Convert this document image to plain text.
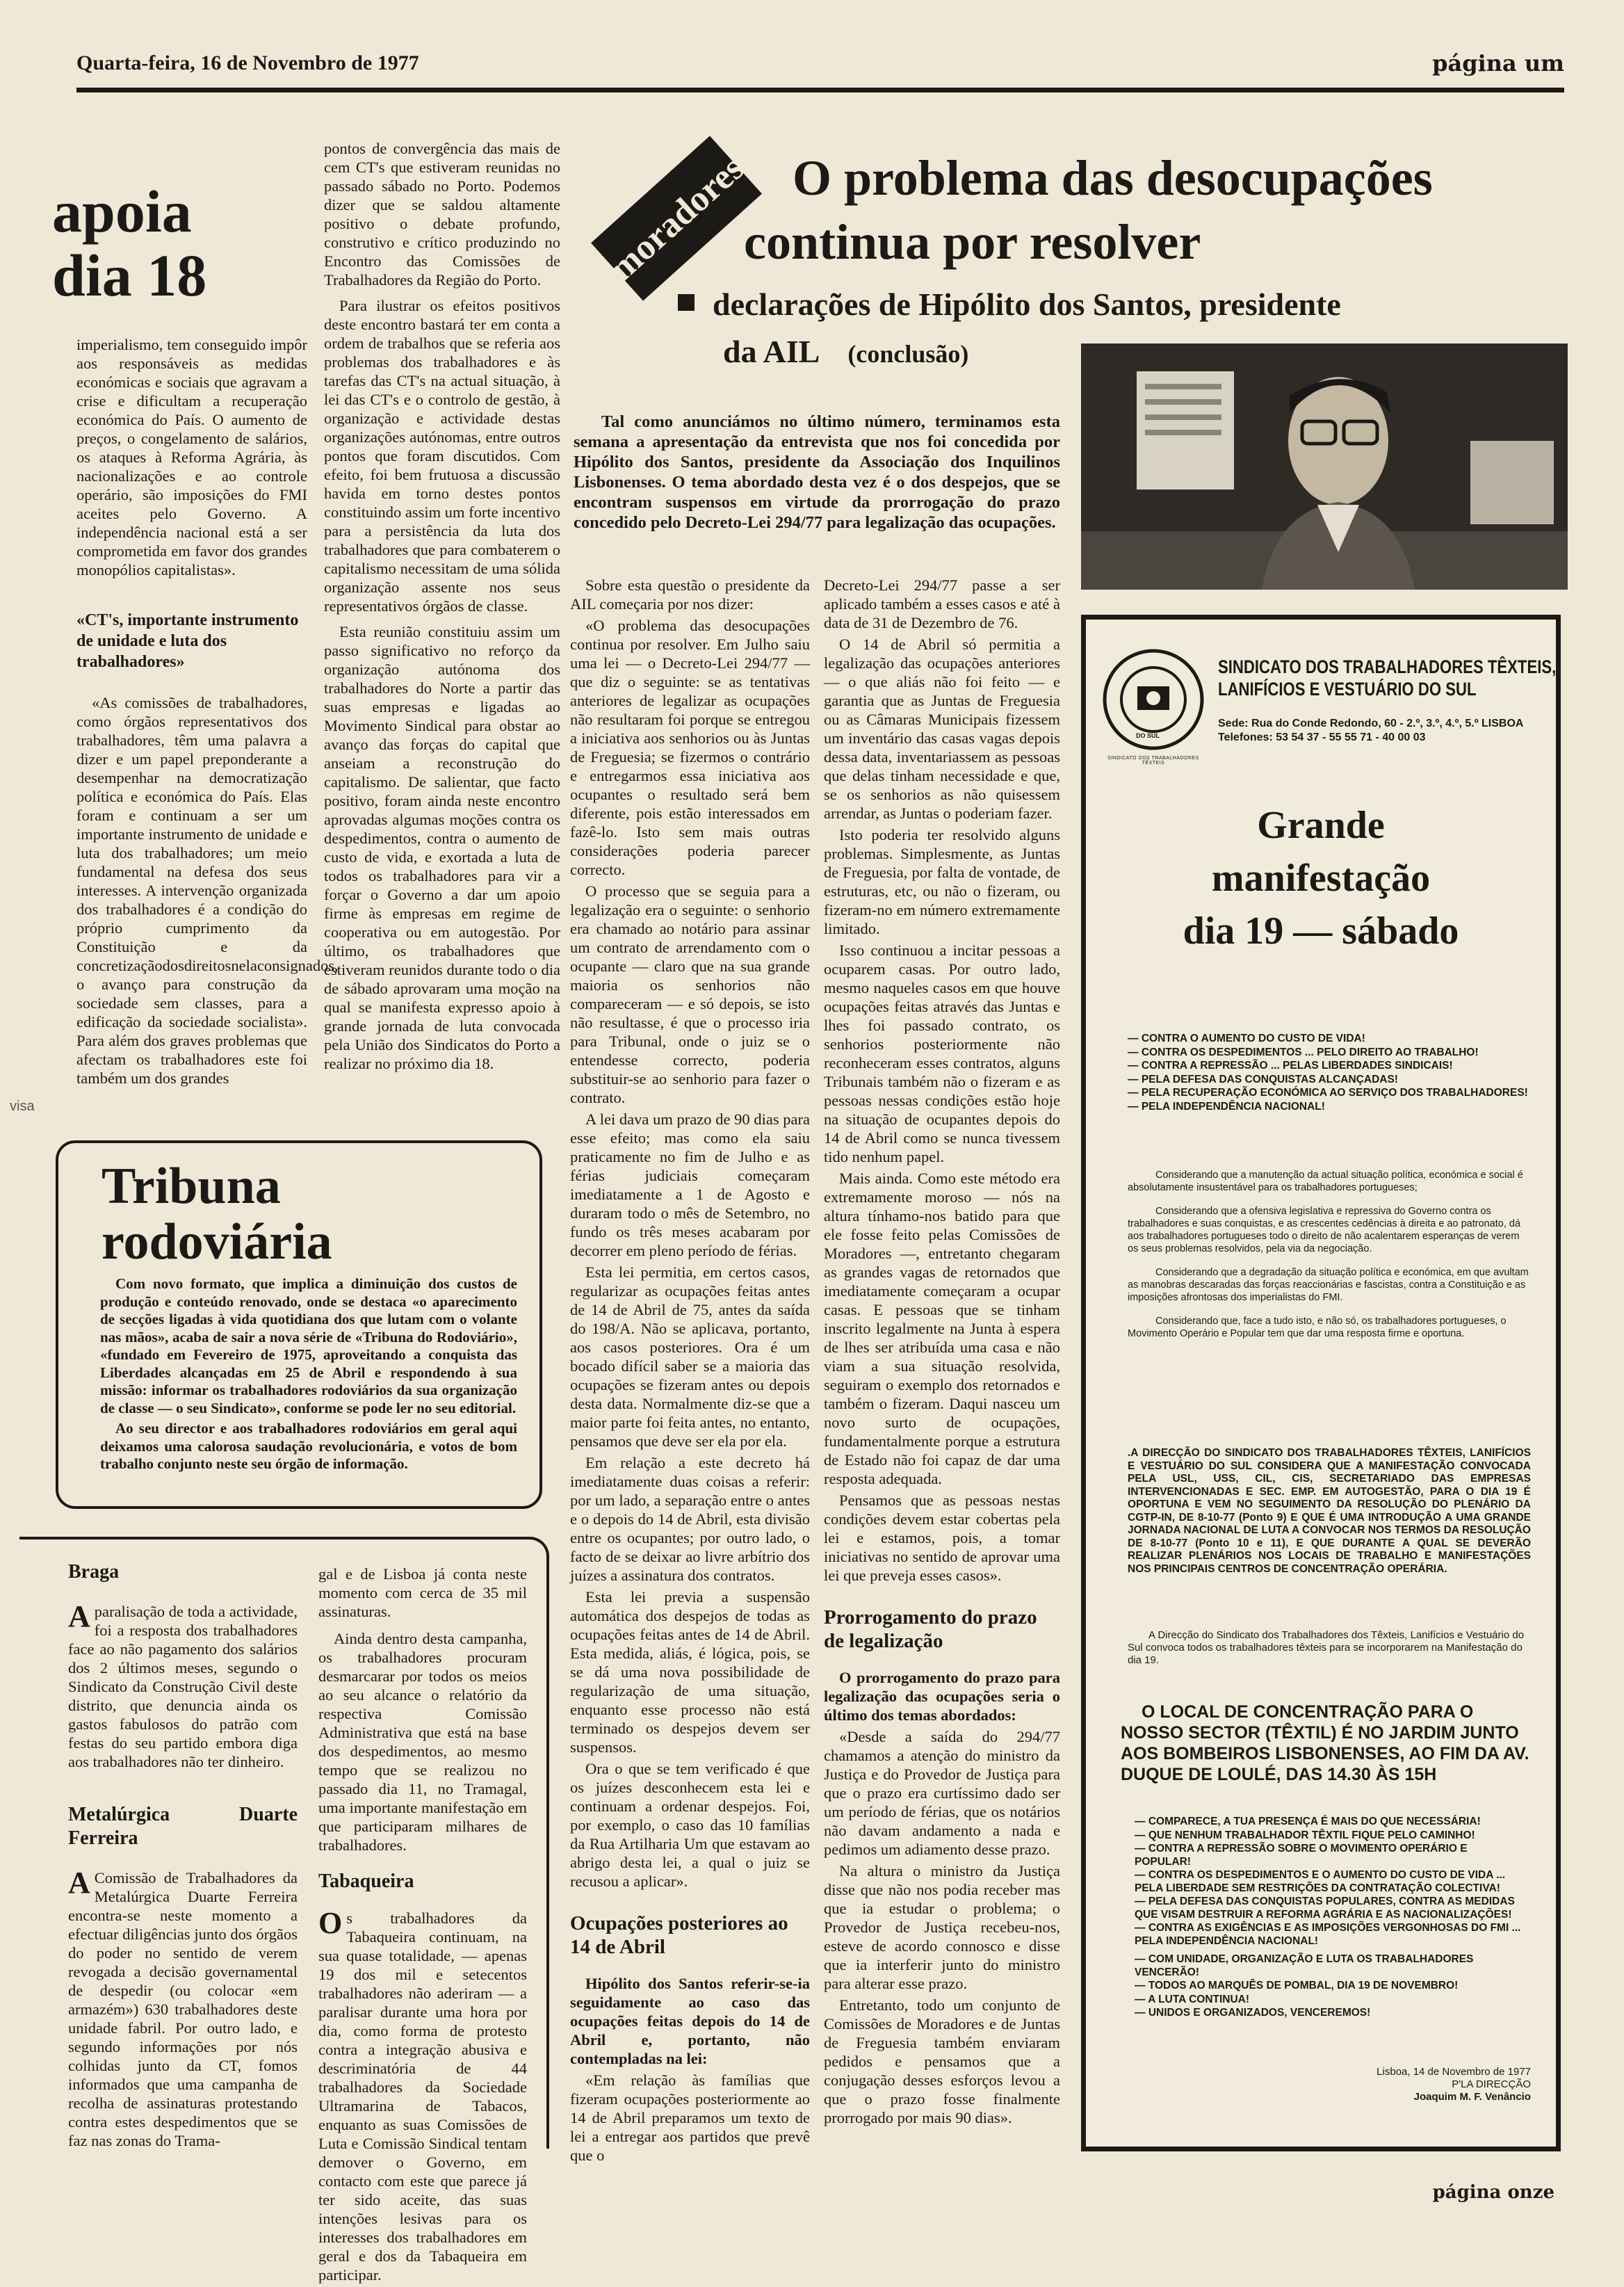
Quarta-feira, 16 de Novembro de 1977	página um
apoia
dia 18

imperialismo, tem conseguido impôr aos responsáveis as medidas económicas e sociais que agravam a crise e dificultam a recuperação económica do País. O aumento de preços, o congelamento de salários, os ataques à Reforma Agrária, às nacionalizações e ao controle operário, são imposições do FMI aceites pelo Governo. A independência nacional está a ser comprometida em favor dos grandes monopólios capitalistas».

«CT's, importante instrumento de unidade e luta dos trabalhadores»

«As comissões de trabalhadores, como órgãos representativos dos trabalhadores, têm uma palavra a dizer e um papel preponderante a desempenhar na democratização política e económica do País. Elas foram e continuam a ser um importante instrumento de unidade e luta dos trabalhadores; um meio fundamental na defesa dos seus interesses. A intervenção organizada dos trabalhadores é a condição do próprio cumprimento da Constituição e da concretizaçãodosdireitosnelaconsignados, o avanço para construção da sociedade sem classes, para a edificação da sociedade socialista». Para além dos graves problemas que afectam os trabalhadores este foi também um dos grandes

pontos de convergência das mais de cem CT's que estiveram reunidas no passado sábado no Porto. Podemos dizer que se saldou altamente positivo o debate profundo, construtivo e crítico produzindo no Encontro das Comissões de Trabalhadores da Região do Porto.

Para ilustrar os efeitos positivos deste encontro bastará ter em conta a ordem de trabalhos que se referia aos problemas dos trabalhadores e às tarefas das CT's na actual situação, à lei das CT's e o controlo de gestão, à organização e actividade destas organizações autónomas, entre outros pontos que foram discutidos. Com efeito, foi bem frutuosa a discussão havida em torno destes pontos constituindo assim um forte incentivo para a persistência da luta dos trabalhadores que para combaterem o capitalismo necessitam de uma sólida organização assente nos seus representativos órgãos de classe.

Esta reunião constituiu assim um passo significativo no reforço da organização autónoma dos trabalhadores do Norte a partir das suas empresas e ligadas ao Movimento Sindical para obstar ao avanço das forças do capital que anseiam a reconstrução do capitalismo. De salientar, que facto positivo, foram ainda neste encontro aprovadas algumas moções contra os despedimentos, contra o aumento de custo de vida, e exortada a luta de todos os trabalhadores para vir a forçar o Governo a dar um apoio firme às empresas em regime de cooperativa ou em autogestão. Por último, os trabalhadores que estiveram reunidos durante todo o dia de sábado aprovaram uma moção na qual se manifesta expresso apoio à grande jornada de luta convocada pela União dos Sindicatos do Porto a realizar no próximo dia 18.

visa
Tribuna
rodoviária

Com novo formato, que implica a diminuição dos custos de produção e conteúdo renovado, onde se destaca «o aparecimento de secções ligadas à vida quotidiana dos que lutam com o volante nas mãos», acaba de sair a nova série de «Tribuna do Rodoviário», «fundado em Fevereiro de 1975, aproveitando a conquista das Liberdades alcançadas em 25 de Abril e respondendo à sua missão: informar os trabalhadores rodoviários da sua organização de classe — o seu Sindicato», conforme se pode ler no seu editorial.

Ao seu director e aos trabalhadores rodoviários em geral aqui deixamos uma calorosa saudação revolucionária, e votos de bom trabalho conjunto neste seu órgão de informação.

Braga

Aparalisação de toda a actividade, foi a resposta dos trabalhadores face ao não pagamento dos salários dos 2 últimos meses, segundo o Sindicato da Construção Civil deste distrito, que denuncia ainda os gastos fabulosos do patrão com festas do seu partido embora diga aos trabalhadores não ter dinheiro.

Metalúrgica Duarte Ferreira

A Comissão de Trabalhadores da Metalúrgica Duarte Ferreira encontra-se neste momento a efectuar diligências junto dos órgãos do poder no sentido de verem revogada a decisão governamental de despedir (ou colocar «em armazém») 630 trabalhadores deste unidade fabril. Por outro lado, e segundo informações por nós colhidas junto da CT, fomos informados que uma campanha de recolha de assinaturas protestando contra estes despedimentos que se faz nas zonas do Trama-

gal e de Lisboa já conta neste momento com cerca de 35 mil assinaturas.

Ainda dentro desta campanha, os trabalhadores procuram desmarcarar por todos os meios ao seu alcance o relatório da respectiva Comissão Administrativa que está na base dos despedimentos, ao mesmo tempo que se realizou no passado dia 11, no Tramagal, uma importante manifestação em que participaram milhares de trabalhadores.

Tabaqueira

Os trabalhadores da Tabaqueira continuam, na sua quase totalidade, — apenas 19 dos mil e setecentos trabalhadores não aderiram — a paralisar durante uma hora por dia, como forma de protesto contra a integração abusiva e descriminatória de 44 trabalhadores da Sociedade Ultramarina de Tabacos, enquanto as suas Comissões de Luta e Comissão Sindical tentam demover o Governo, em contacto com este que parece já ter sido aceite, das suas intenções lesivas para os interesses dos trabalhadores em geral e dos da Tabaqueira em participar.

moradores O problema das desocupações
continua por resolver
declarações de Hipólito dos Santos, presidente
da AIL (conclusão)
Tal como anunciámos no último número, terminamos esta semana a apresentação da entrevista que nos foi concedida por Hipólito dos Santos, presidente da Associação dos Inquilinos Lisbonenses. O tema abordado desta vez é o dos despejos, que se encontram suspensos em virtude da prorrogação do prazo concedido pelo Decreto-Lei 294/77 para legalização das ocupações.

Sobre esta questão o presidente da AIL começaria por nos dizer:

«O problema das desocupações continua por resolver. Em Julho saiu uma lei — o Decreto-Lei 294/77 — que diz o seguinte: se as tentativas anteriores de legalizar as ocupações não resultaram foi porque se entregou a iniciativa aos senhorios ou às Juntas de Freguesia; se fizermos o contrário e entregarmos essa iniciativa aos ocupantes o resultado será bem diferente, pois estão interessados em fazê-lo. Isto sem mais outras considerações poderia parecer correcto.

O processo que se seguia para a legalização era o seguinte: o senhorio era chamado ao notário para assinar um contrato de arrendamento com o ocupante — claro que na sua grande maioria os senhorios não compareceram — e só depois, se isto não resultasse, é que o processo iria para Tribunal, onde o juiz se o entendesse correcto, poderia substituir-se ao senhorio para fazer o contrato.

A lei dava um prazo de 90 dias para esse efeito; mas como ela saiu praticamente no fim de Julho e as férias judiciais começaram imediatamente a 1 de Agosto e duraram todo o mês de Setembro, no fundo os três meses acabaram por decorrer em pleno período de férias.

Esta lei permitia, em certos casos, regularizar as ocupações feitas antes de 14 de Abril de 75, antes da saída do 198/A. Não se aplicava, portanto, aos casos posteriores. Ora é um bocado difícil saber se a maioria das ocupações se fizeram antes ou depois desta data. Normalmente diz-se que a maior parte foi feita antes, no entanto, pensamos que deve ser ela por ela.

Em relação a este decreto há imediatamente duas coisas a referir: por um lado, a separação entre o antes e o depois do 14 de Abril, esta divisão entre os ocupantes; por outro lado, o facto de se deixar ao livre arbítrio dos juízes a assinatura dos contratos.

Esta lei previa a suspensão automática dos despejos de todas as ocupações feitas antes de 14 de Abril. Esta medida, aliás, é lógica, pois, se se dá uma nova possibilidade de regularização de uma situação, enquanto esse processo não está terminado os despejos devem ser suspensos.

Ora o que se tem verificado é que os juízes desconhecem esta lei e continuam a ordenar despejos. Foi, por exemplo, o caso das 10 famílias da Rua Artilharia Um que estavam ao abrigo desta lei, a qual o juiz se recusou a aplicar».

Ocupações posteriores ao 14 de Abril

Hipólito dos Santos referir-se-ia seguidamente ao caso das ocupações feitas depois do 14 de Abril e, portanto, não contempladas na lei:

«Em relação às famílias que fizeram ocupações posteriormente ao 14 de Abril preparamos um texto de lei a entregar aos partidos que prevê que o

Decreto-Lei 294/77 passe a ser aplicado também a esses casos e até à data de 31 de Dezembro de 76.

O 14 de Abril só permitia a legalização das ocupações anteriores — o que aliás não foi feito — e garantia que as Juntas de Freguesia ou as Câmaras Municipais fizessem um inventário das casas vagas depois dessa data, inventariassem as pessoas que delas tinham necessidade e que, se os senhorios as não quisessem arrendar, as Juntas o poderiam fazer.

Isto poderia ter resolvido alguns problemas. Simplesmente, as Juntas de Freguesia, por falta de vontade, de estruturas, etc, ou não o fizeram, ou fizeram-no em número extremamente limitado.

Isso continuou a incitar pessoas a ocuparem casas. Por outro lado, mesmo naqueles casos em que houve ocupações feitas através das Juntas e lhes foi passado contrato, os senhorios posteriormente não reconheceram esses contratos, alguns Tribunais também não o fizeram e as pessoas nessas condições estão hoje na situação de ocupantes depois do 14 de Abril como se nunca tivessem tido nenhum papel.

Mais ainda. Como este método era extremamente moroso — nós na altura tínhamo-nos batido para que ele fosse feito pelas Comissões de Moradores —, entretanto chegaram as grandes vagas de retornados que imediatamente começaram a ocupar casas. E pessoas que se tinham inscrito legalmente na Junta à espera de lhes ser atribuída uma casa e não viam a sua situação resolvida, seguiram o exemplo dos retornados e também o fizeram. Daqui nasceu um novo surto de ocupações, fundamentalmente porque a estrutura de Estado não foi capaz de dar uma resposta adequada.

Pensamos que as pessoas nestas condições devem estar cobertas pela lei e estamos, pois, a tomar iniciativas no sentido de aprovar uma lei que preveja esses casos».

Prorrogamento do prazo de legalização

O prorrogamento do prazo para legalização das ocupações seria o último dos temas abordados:

«Desde a saída do 294/77 chamamos a atenção do ministro da Justiça e do Provedor de Justiça para que o prazo era curtíssimo dado ser um período de férias, que os notários não davam andamento a nada e pedimos um adiamento desse prazo.

Na altura o ministro da Justiça disse que não nos podia receber mas que ia estudar o problema; o Provedor de Justiça recebeu-nos, esteve de acordo connosco e disse que ia interferir junto do ministro para alterar esse prazo.

Entretanto, todo um conjunto de Comissões de Moradores e de Juntas de Freguesia também enviaram pedidos e pensamos que a conjugação desses esforços levou a que o prazo fosse finalmente prorrogado por mais 90 dias».

DO SUL
SINDICATO DOS TRABALHADORES TÊXTEIS
SINDICATO DOS TRABALHADORES TÊXTEIS,
LANIFÍCIOS E VESTUÁRIO DO SUL
Sede: Rua do Conde Redondo, 60 - 2.º, 3.º, 4.º, 5.º LISBOA
Telefones: 53 54 37 - 55 55 71 - 40 00 03
Grande
manifestação
dia 19 — sábado
— CONTRA O AUMENTO DO CUSTO DE VIDA!
— CONTRA OS DESPEDIMENTOS ... PELO DIREITO AO TRABALHO!
— CONTRA A REPRESSÃO ... PELAS LIBERDADES SINDICAIS!
— PELA DEFESA DAS CONQUISTAS ALCANÇADAS!
— PELA RECUPERAÇÃO ECONÓMICA AO SERVIÇO DOS TRABALHADORES!
— PELA INDEPENDÊNCIA NACIONAL!

Considerando que a manutenção da actual situação política, económica e social é absolutamente insustentável para os trabalhadores portugueses;

Considerando que a ofensiva legislativa e repressiva do Governo contra os trabalhadores e suas conquistas, e as crescentes cedências à direita e ao patronato, dá aos trabalhadores portugueses todo o direito de não acalentarem esperanças de verem os seus problemas resolvidos, pela via da negociação.

Considerando que a degradação da situação política e económica, em que avultam as manobras descaradas das forças reaccionárias e fascistas, contra a Constituição e as imposições afrontosas dos imperialistas do FMI.

Considerando que, face a tudo isto, e não só, os trabalhadores portugueses, o Movimento Operário e Popular tem que dar uma resposta firme e oportuna.

.A DIRECÇÃO DO SINDICATO DOS TRABALHADORES TÊXTEIS, LANIFÍCIOS E VESTUÁRIO DO SUL CONSIDERA QUE A MANIFESTAÇÃO CONVOCADA PELA USL, USS, CIL, CIS, SECRETARIADO DAS EMPRESAS INTERVENCIONADAS E SEC. EMP. EM AUTOGESTÃO, PARA O DIA 19 É OPORTUNA E VEM NO SEGUIMENTO DA RESOLUÇÃO DO PLENÁRIO DA CGTP-IN, DE 8-10-77 (Ponto 9) E QUE É UMA INTRODUÇÃO A UMA GRANDE JORNADA NACIONAL DE LUTA A CONVOCAR NOS TERMOS DA RESOLUÇÃO DE 8-10-77 (Ponto 10 e 11), E QUE DURANTE A QUAL SE DEVERÃO REALIZAR PLENÁRIOS NOS LOCAIS DE TRABALHO E MANIFESTAÇÕES NOS PRINCIPAIS CENTROS DE CONCENTRAÇÃO OPERÁRIA.
A Direcção do Sindicato dos Trabalhadores dos Têxteis, Lanifícios e Vestuário do Sul convoca todos os trabalhadores têxteis para se incorporarem na Manifestação do dia 19.
O LOCAL DE CONCENTRAÇÃO PARA O NOSSO SECTOR (TÊXTIL) É NO JARDIM JUNTO AOS BOMBEIROS LISBONENSES, AO FIM DA AV. DUQUE DE LOULÉ, DAS 14.30 ÀS 15H
— COMPARECE, A TUA PRESENÇA É MAIS DO QUE NECESSÁRIA!
— QUE NENHUM TRABALHADOR TÊXTIL FIQUE PELO CAMINHO!
— CONTRA A REPRESSÃO SOBRE O MOVIMENTO OPERÁRIO E POPULAR!
— CONTRA OS DESPEDIMENTOS E O AUMENTO DO CUSTO DE VIDA ... PELA LIBERDADE SEM RESTRIÇÕES DA CONTRATAÇÃO COLECTIVA!
— PELA DEFESA DAS CONQUISTAS POPULARES, CONTRA AS MEDIDAS QUE VISAM DESTRUIR A REFORMA AGRÁRIA E AS NACIONALIZAÇÕES!
— CONTRA AS EXIGÊNCIAS E AS IMPOSIÇÕES VERGONHOSAS DO FMI ... PELA INDEPENDÊNCIA NACIONAL!
— COM UNIDADE, ORGANIZAÇÃO E LUTA OS TRABALHADORES VENCERÃO!
— TODOS AO MARQUÊS DE POMBAL, DIA 19 DE NOVEMBRO!
— A LUTA CONTINUA!
— UNIDOS E ORGANIZADOS, VENCEREMOS!
Lisboa, 14 de Novembro de 1977
P'LA DIRECÇÃO
Joaquim M. F. Venâncio
página onze
